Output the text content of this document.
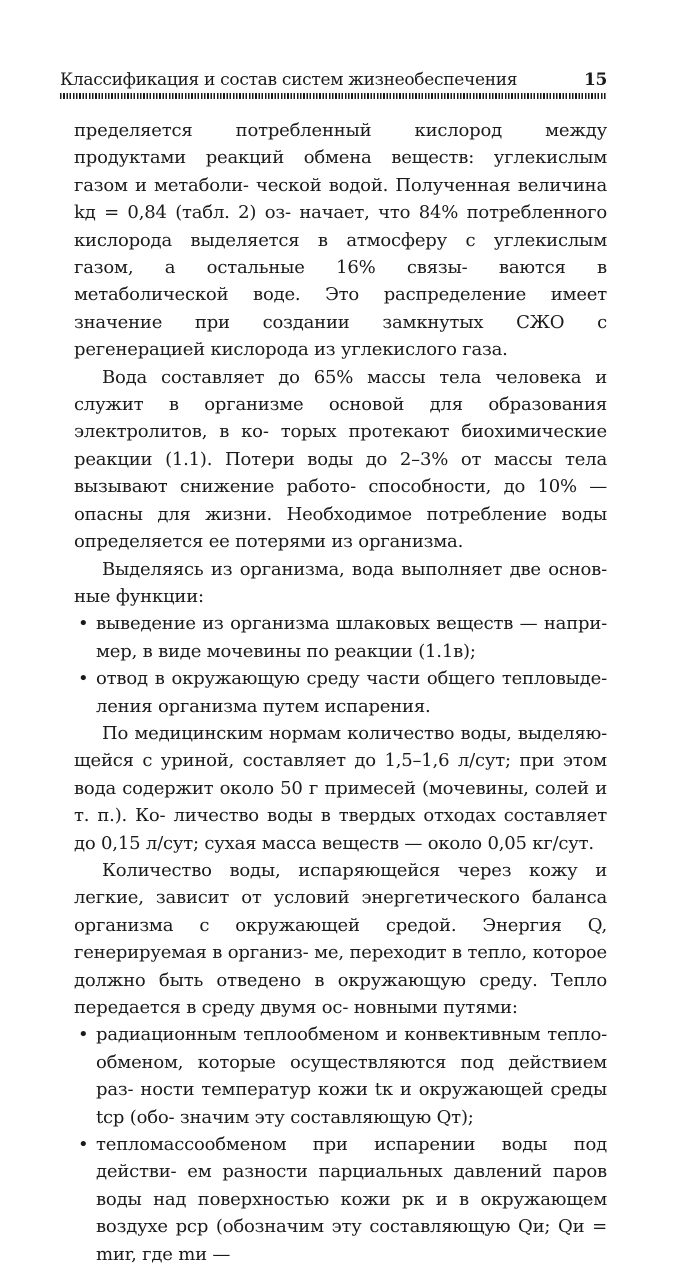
Классификация и состав систем жизнеобеспечения	15

пределяется потребленный кислород между продуктами реакций обмена веществ: углекислым газом и метаболи- ческой водой. Полученная величина kд = 0,84 (табл. 2) оз- начает, что 84% потребленного кислорода выделяется в атмосферу с углекислым газом, а остальные 16% связы- ваются в метаболической воде. Это распределение имеет значение при создании замкнутых СЖО с регенерацией кислорода из углекислого газа.

Вода составляет до 65% массы тела человека и служит в организме основой для образования электролитов, в ко- торых протекают биохимические реакции (1.1). Потери воды до 2–3% от массы тела вызывают снижение работо- способности, до 10% — опасны для жизни. Необходимое потребление воды определяется ее потерями из организма.

Выделяясь из организма, вода выполняет две основ- ные функции:

• выведение из организма шлаковых веществ — напри- мер, в виде мочевины по реакции (1.1в);

• отвод в окружающую среду части общего тепловыде- ления организма путем испарения.

По медицинским нормам количество воды, выделяю- щейся с уриной, составляет до 1,5–1,6 л/сут; при этом вода содержит около 50 г примесей (мочевины, солей и т. п.). Ко- личество воды в твердых отходах составляет до 0,15 л/сут; сухая масса веществ — около 0,05 кг/сут.

Количество воды, испаряющейся через кожу и легкие, зависит от условий энергетического баланса организма с окружающей средой. Энергия Q, генерируемая в организ- ме, переходит в тепло, которое должно быть отведено в окружающую среду. Тепло передается в среду двумя ос- новными путями:

• радиационным теплообменом и конвективным тепло- обменом, которые осуществляются под действием раз- ности температур кожи tк и окружающей среды tср (обо- значим эту составляющую Qт);

• тепломассообменом при испарении воды под действи- ем разности парциальных давлений паров воды над поверхностью кожи pк и в окружающем воздухе pср (обозначим эту составляющую Qи; Qи = mиr, где mи —
